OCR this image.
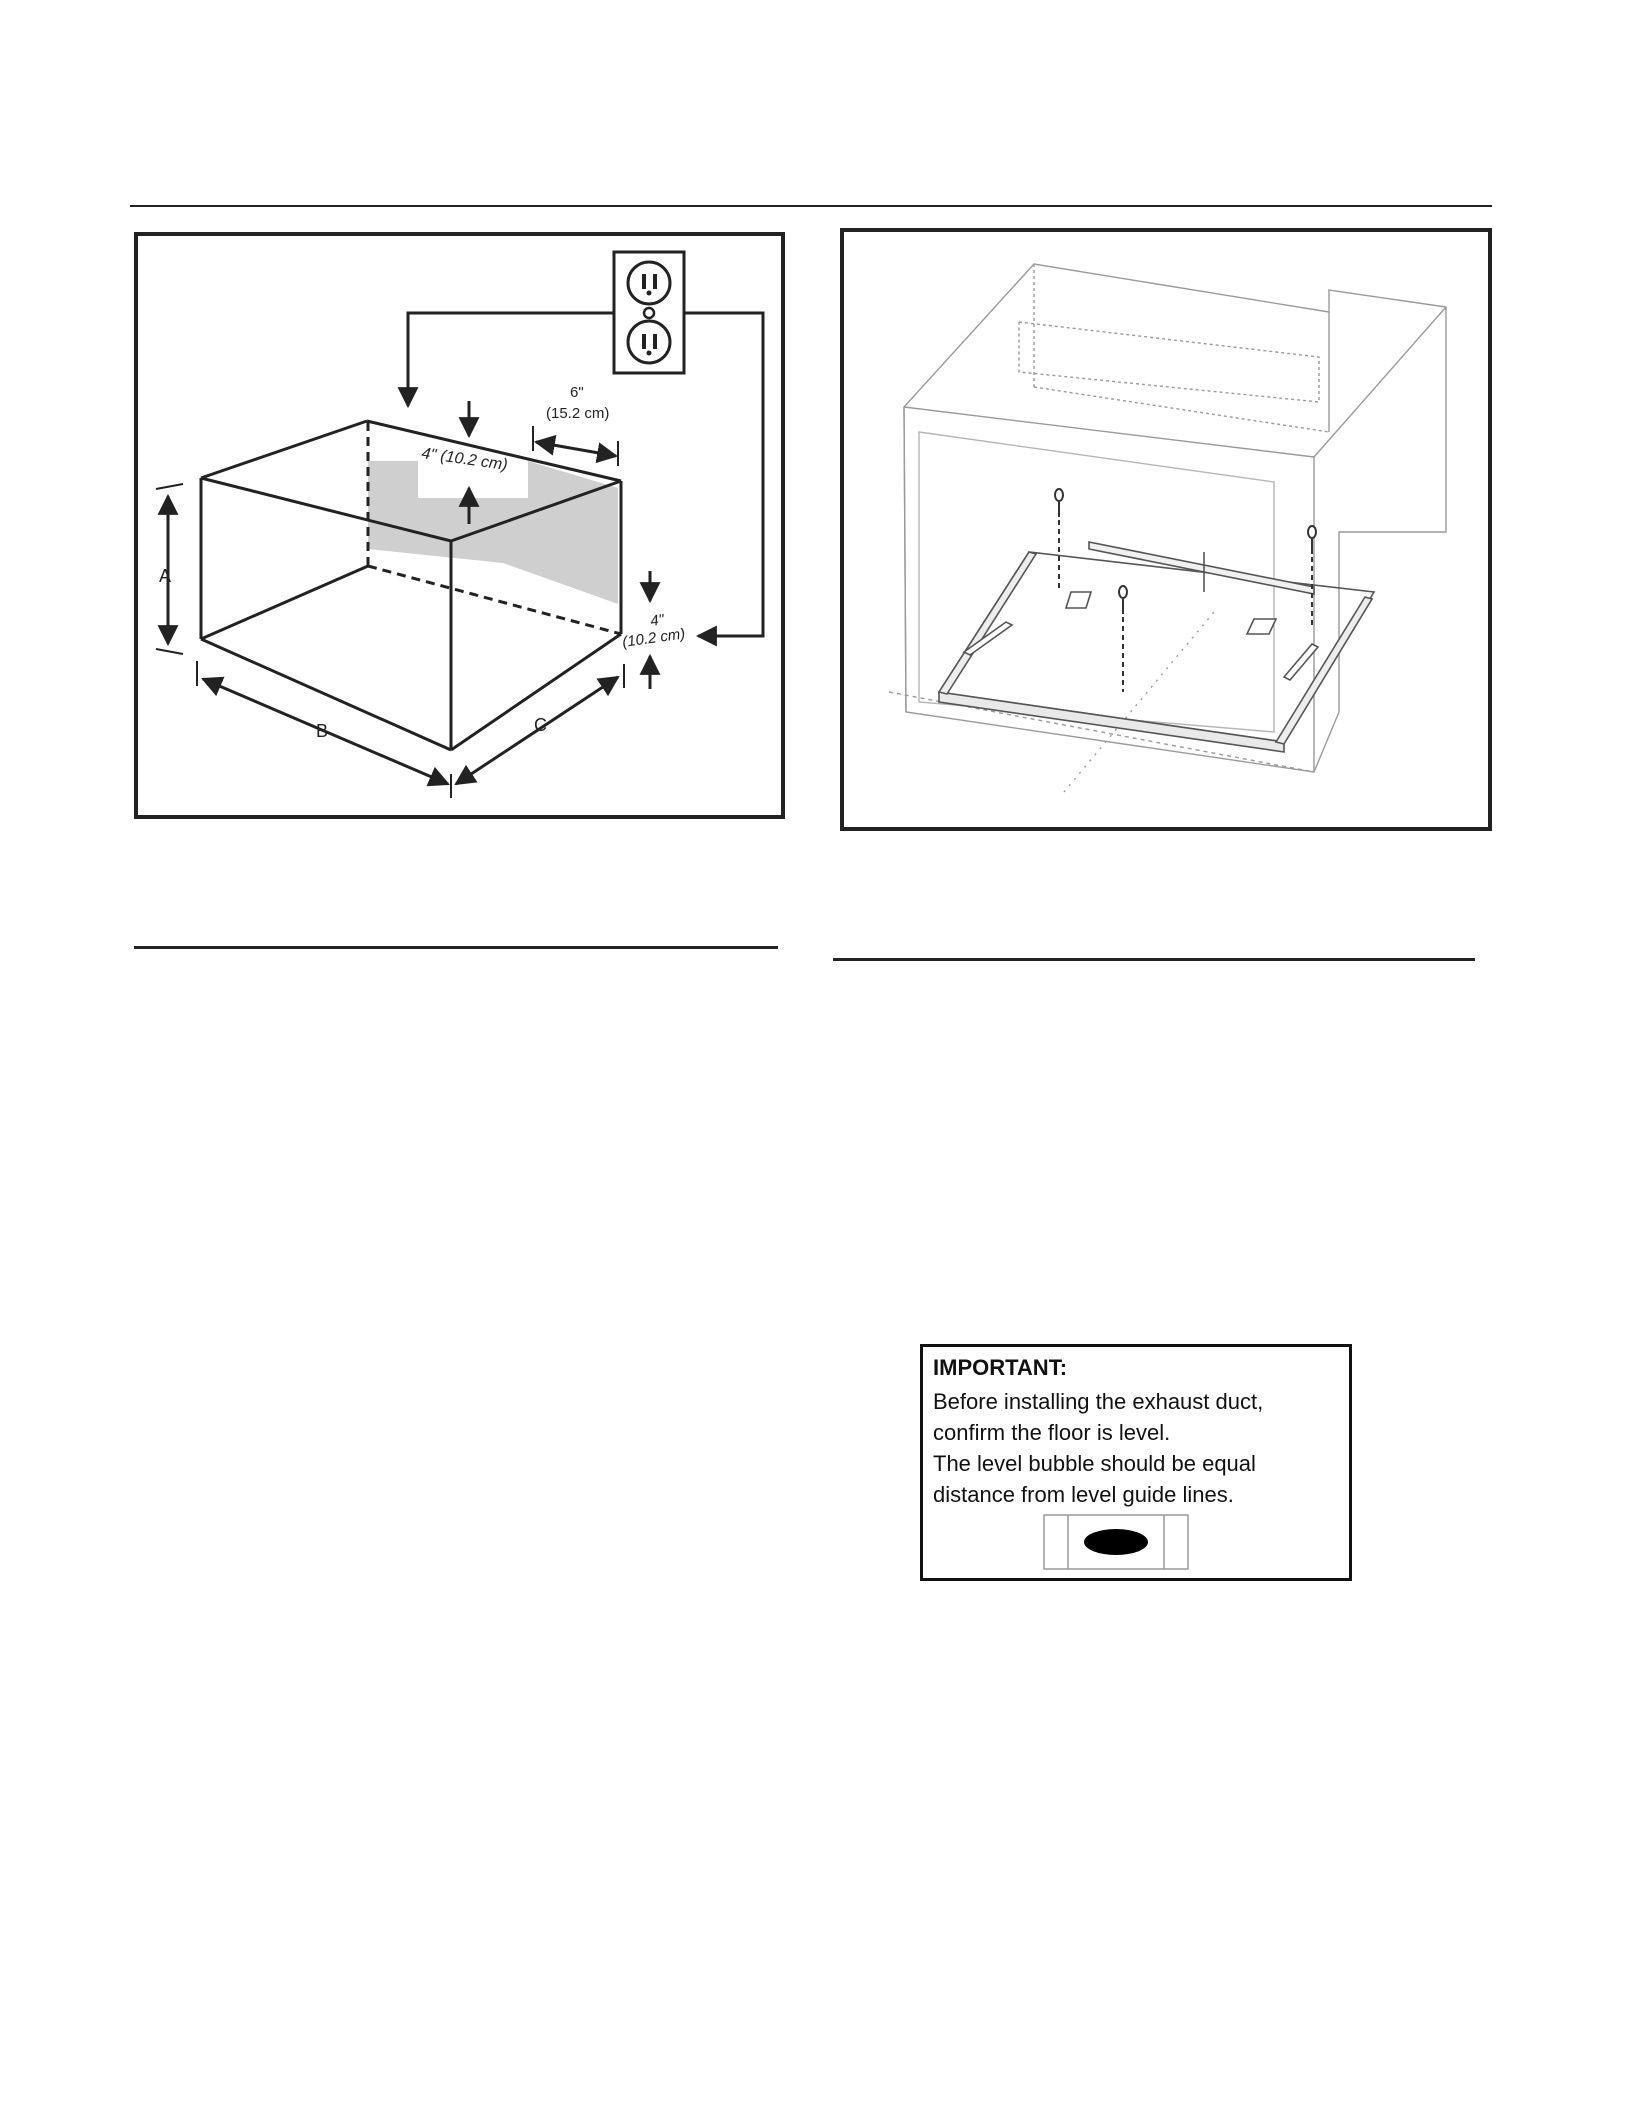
A
B	C
4" (10.2 cm)
6"
(15.2 cm)
4"
(10.2 cm)
IMPORTANT:
Before installing the exhaust duct,
confirm the floor is level.
The level bubble should be equal
distance from level guide lines.
